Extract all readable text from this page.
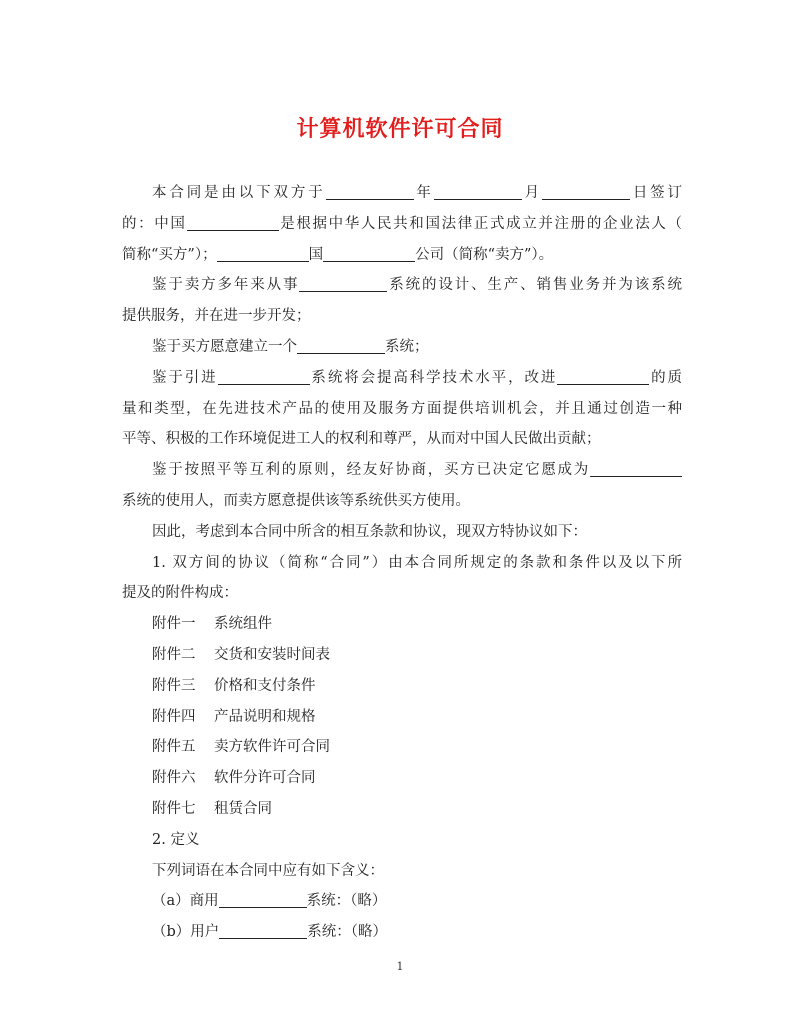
计算机软件许可合同
本合同是由以下双方于	年	月	日签订
的：中国	是根据中华人民共和国法律正式成立并注册的企业法人（
简称“买方”）；	国	公司（简称“卖方”）。
鉴于卖方多年来从事	系统的设计、生产、销售业务并为该系统
提供服务，并在进一步开发；
鉴于买方愿意建立一个	系统；
鉴于引进	系统将会提高科学技术水平，改进	的质
量和类型，在先进技术产品的使用及服务方面提供培训机会，并且通过创造一种
平等、积极的工作环境促进工人的权利和尊严，从而对中国人民做出贡献；
鉴于按照平等互利的原则，经友好协商，买方已决定它愿成为
系统的使用人，而卖方愿意提供该等系统供买方使用。
因此，考虑到本合同中所含的相互条款和协议，现双方特协议如下：
1. 双方间的协议（简称“合同”）由本合同所规定的条款和条件以及以下所
提及的附件构成：
附件一 系统组件
附件二 交货和安装时间表
附件三 价格和支付条件
附件四 产品说明和规格
附件五 卖方软件许可合同
附件六 软件分许可合同
附件七 租赁合同
2. 定义
下列词语在本合同中应有如下含义：
（a）商用	系统：（略）
（b）用户	系统：（略）
1
